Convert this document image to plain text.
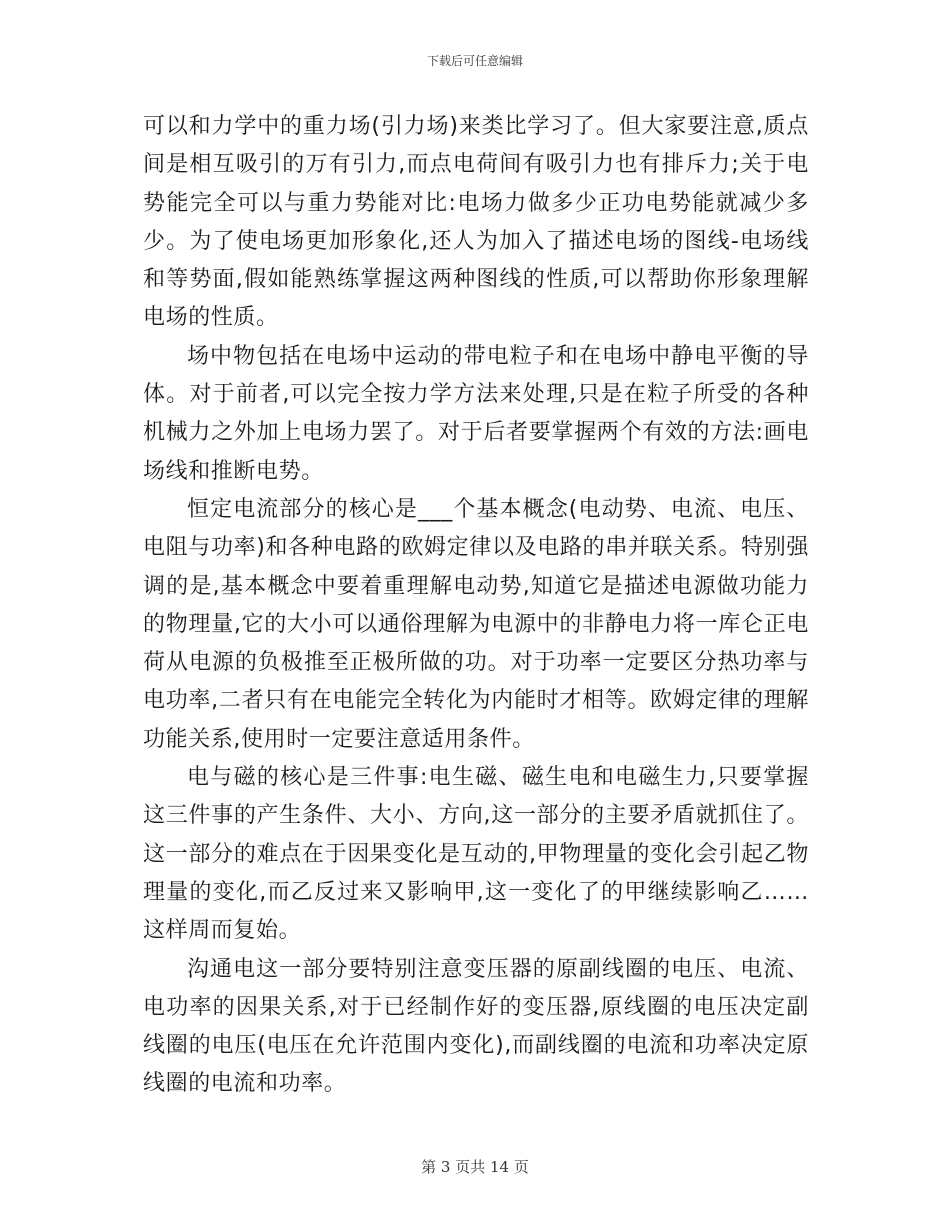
下载后可任意编辑

可以和力学中的重力场(引力场)来类比学习了。但大家要注意,质点间是相互吸引的万有引力,而点电荷间有吸引力也有排斥力;关于电势能完全可以与重力势能对比:电场力做多少正功电势能就减少多少。为了使电场更加形象化,还人为加入了描述电场的图线-电场线和等势面,假如能熟练掌握这两种图线的性质,可以帮助你形象理解电场的性质。

场中物包括在电场中运动的带电粒子和在电场中静电平衡的导体。对于前者,可以完全按力学方法来处理,只是在粒子所受的各种机械力之外加上电场力罢了。对于后者要掌握两个有效的方法:画电场线和推断电势。

恒定电流部分的核心是___个基本概念(电动势、电流、电压、电阻与功率)和各种电路的欧姆定律以及电路的串并联关系。特别强调的是,基本概念中要着重理解电动势,知道它是描述电源做功能力的物理量,它的大小可以通俗理解为电源中的非静电力将一库仑正电荷从电源的负极推至正极所做的功。对于功率一定要区分热功率与电功率,二者只有在电能完全转化为内能时才相等。欧姆定律的理解功能关系,使用时一定要注意适用条件。

电与磁的核心是三件事:电生磁、磁生电和电磁生力,只要掌握这三件事的产生条件、大小、方向,这一部分的主要矛盾就抓住了。这一部分的难点在于因果变化是互动的,甲物理量的变化会引起乙物理量的变化,而乙反过来又影响甲,这一变化了的甲继续影响乙……这样周而复始。

沟通电这一部分要特别注意变压器的原副线圈的电压、电流、电功率的因果关系,对于已经制作好的变压器,原线圈的电压决定副线圈的电压(电压在允许范围内变化),而副线圈的电流和功率决定原线圈的电流和功率。

第 3 页共 14 页
